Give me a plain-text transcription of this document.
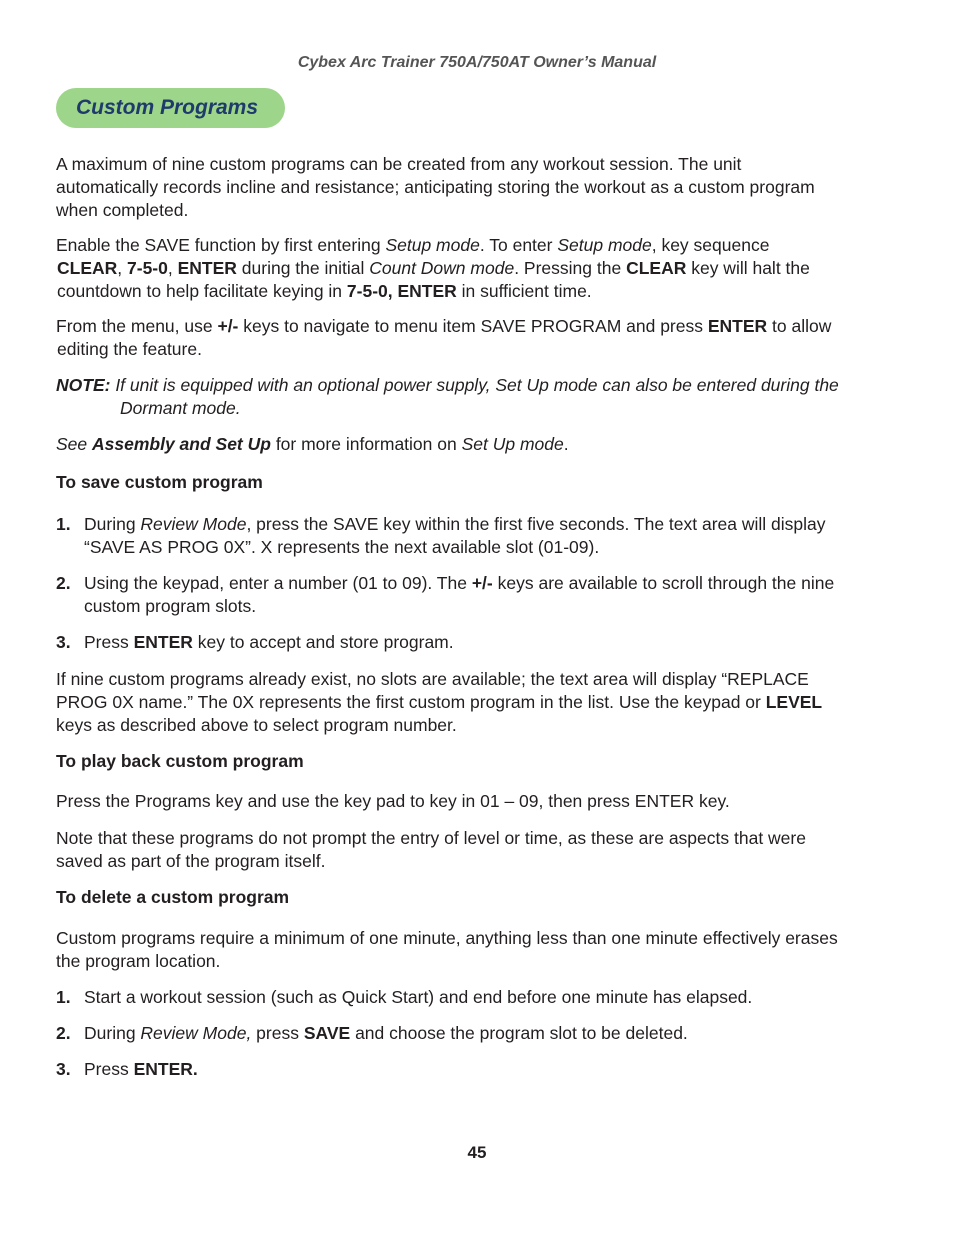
Cybex Arc Trainer 750A/750AT Owner’s Manual
Custom Programs
A maximum of nine custom programs can be created from any workout session. The unit
automatically records incline and resistance; anticipating storing the workout as a custom program
when completed.
Enable the SAVE function by first entering Setup mode. To enter Setup mode, key sequence
CLEAR, 7-5-0, ENTER during the initial Count Down mode. Pressing the CLEAR key will halt the
countdown to help facilitate keying in 7-5-0, ENTER in sufficient time.
From the menu, use +/- keys to navigate to menu item SAVE PROGRAM and press ENTER to allow
editing the feature.
NOTE: If unit is equipped with an optional power supply, Set Up mode can also be entered during the
Dormant mode.
See Assembly and Set Up for more information on Set Up mode.
To save custom program
1. During Review Mode, press the SAVE key within the first five seconds. The text area will display
“SAVE AS PROG 0X”. X represents the next available slot (01-09).
2. Using the keypad, enter a number (01 to 09). The +/- keys are available to scroll through the nine
custom program slots.
3. Press ENTER key to accept and store program.
If nine custom programs already exist, no slots are available; the text area will display “REPLACE
PROG 0X name.” The 0X represents the first custom program in the list. Use the keypad or LEVEL
keys as described above to select program number.
To play back custom program
Press the Programs key and use the key pad to key in 01 – 09, then press ENTER key.
Note that these programs do not prompt the entry of level or time, as these are aspects that were
saved as part of the program itself.
To delete a custom program
Custom programs require a minimum of one minute, anything less than one minute effectively erases
the program location.
1. Start a workout session (such as Quick Start) and end before one minute has elapsed.
2. During Review Mode, press SAVE and choose the program slot to be deleted.
3. Press ENTER.
45
